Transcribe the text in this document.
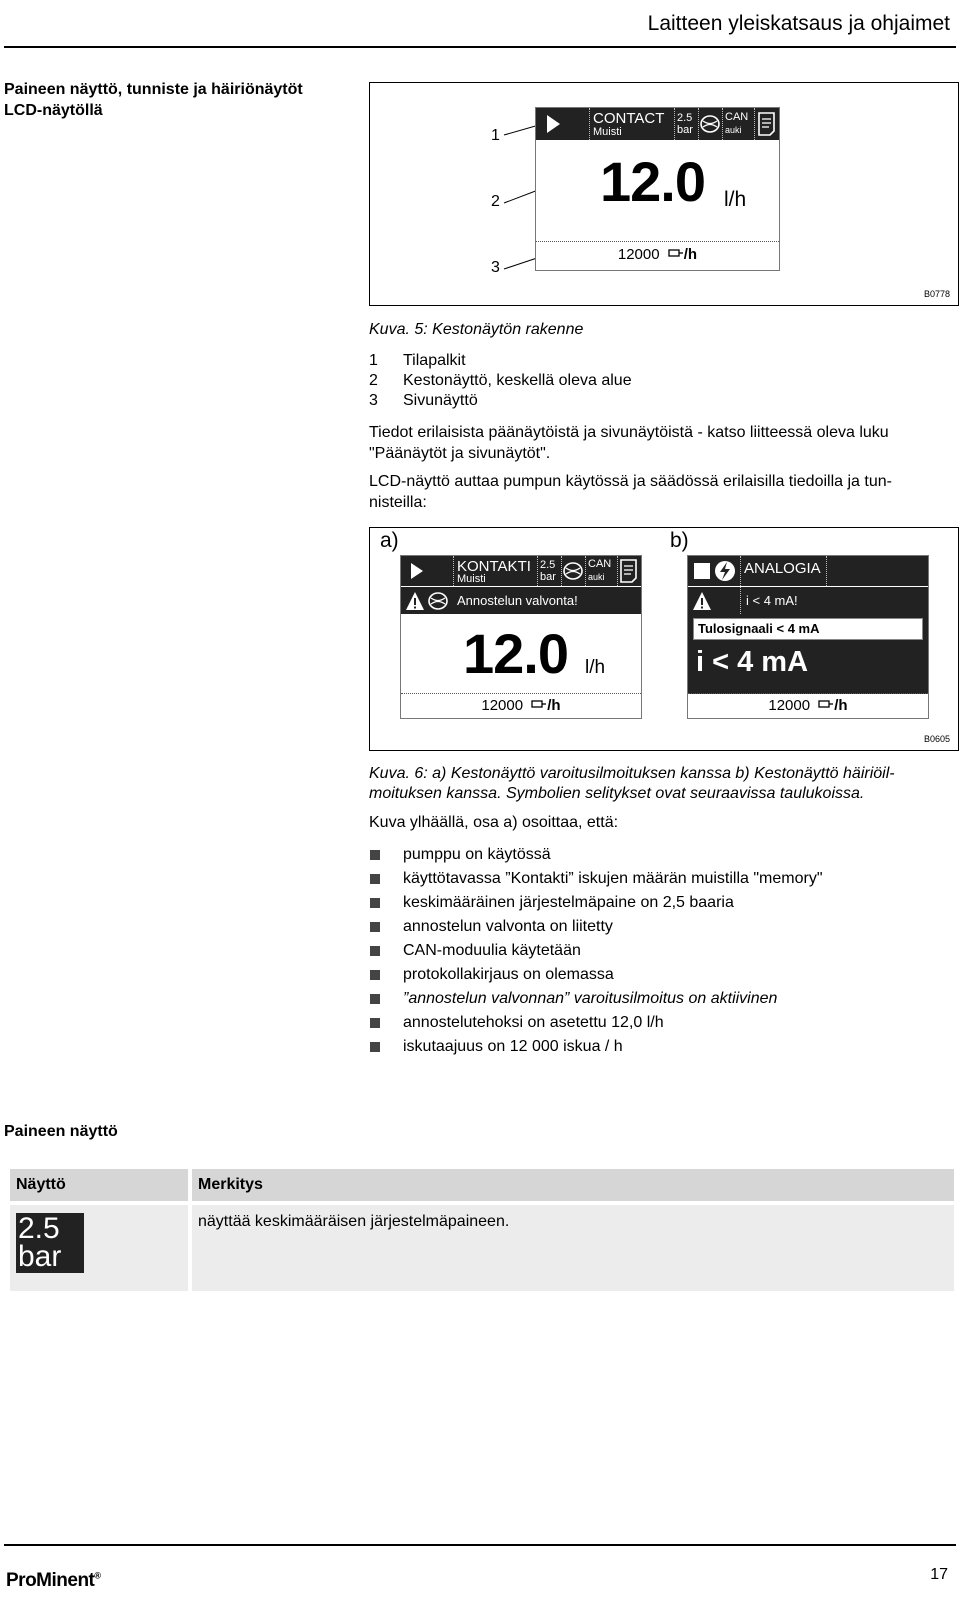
Laitteen yleiskatsaus ja ohjaimet
Paineen näyttö, tunniste ja häiriönäytöt
LCD-näytöllä
1
2
3
CONTACT
Muisti
2.5
bar
CAN
auki
12.0 l/h
12000 /h
B0778
Kuva. 5: Kestonäytön rakenne
1 Tilapalkit
2 Kestonäyttö, keskellä oleva alue
3 Sivunäyttö
Tiedot erilaisista päänäytöistä ja sivunäytöistä - katso liitteessä oleva luku "Päänäytöt ja sivunäytöt".
LCD-näyttö auttaa pumpun käytössä ja säädössä erilaisilla tiedoilla ja tun-
nisteilla:
a)	b)
KONTAKTI
Muisti
2.5
bar
CAN
auki
Annostelun valvonta!
12.0 l/h
12000 /h
ANALOGIA
i < 4 mA!
Tulosignaali < 4 mA
i < 4 mA
12000 /h
B0605
Kuva. 6: a) Kestonäyttö varoitusilmoituksen kanssa b) Kestonäyttö häiriöil-
moituksen kanssa. Symbolien selitykset ovat seuraavissa taulukoissa.
Kuva ylhäällä, osa a) osoittaa, että:
pumppu on käytössä
käyttötavassa ”Kontakti” iskujen määrän muistilla "memory"
keskimääräinen järjestelmäpaine on 2,5 baaria
annostelun valvonta on liitetty
CAN-moduulia käytetään
protokollakirjaus on olemassa
”annostelun valvonnan” varoitusilmoitus on aktiivinen
annostelutehoksi on asetettu 12,0 l/h
iskutaajuus on 12 000 iskua / h
Paineen näyttö
Näyttö	Merkitys

2.5
bar	näyttää keskimääräisen järjestelmäpaineen.
ProMinent®	17
